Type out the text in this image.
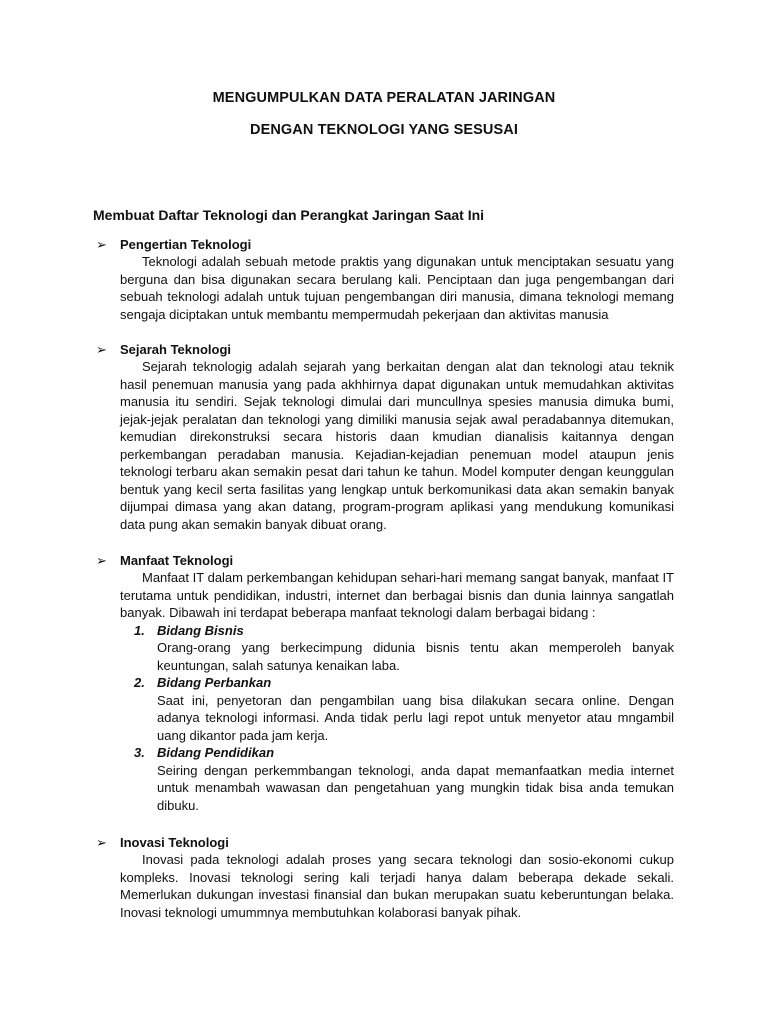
MENGUMPULKAN DATA PERALATAN JARINGAN
DENGAN TEKNOLOGI YANG SESUSAI
Membuat Daftar Teknologi dan Perangkat Jaringan Saat Ini
➢ Pengertian Teknologi
Teknologi adalah sebuah metode praktis yang digunakan untuk menciptakan sesuatu yang berguna dan bisa digunakan secara berulang kali. Penciptaan dan juga pengembangan dari sebuah teknologi adalah untuk tujuan pengembangan diri manusia, dimana teknologi memang sengaja diciptakan untuk membantu mempermudah pekerjaan dan aktivitas manusia
➢ Sejarah Teknologi
Sejarah teknologig adalah sejarah yang berkaitan dengan alat dan teknologi atau teknik hasil penemuan manusia yang pada akhhirnya dapat digunakan untuk memudahkan aktivitas manusia itu sendiri. Sejak teknologi dimulai dari muncullnya spesies manusia dimuka bumi, jejak-jejak peralatan dan teknologi yang dimiliki manusia sejak awal peradabannya ditemukan, kemudian direkonstruksi secara historis daan kmudian dianalisis kaitannya dengan perkembangan peradaban manusia. Kejadian-kejadian penemuan model ataupun jenis teknologi terbaru akan semakin pesat dari tahun ke tahun. Model komputer dengan keunggulan bentuk yang kecil serta fasilitas yang lengkap untuk berkomunikasi data akan semakin banyak dijumpai dimasa yang akan datang, program-program aplikasi yang mendukung komunikasi data pung akan semakin banyak dibuat orang.
➢ Manfaat Teknologi
Manfaat IT dalam perkembangan kehidupan sehari-hari memang sangat banyak, manfaat IT terutama untuk pendidikan, industri, internet dan berbagai bisnis dan dunia lainnya sangatlah banyak. Dibawah ini terdapat beberapa manfaat teknologi dalam berbagai bidang :
1. Bidang Bisnis
Orang-orang yang berkecimpung didunia bisnis tentu akan memperoleh banyak keuntungan, salah satunya kenaikan laba.
2. Bidang Perbankan
Saat ini, penyetoran dan pengambilan uang bisa dilakukan secara online. Dengan adanya teknologi informasi. Anda tidak perlu lagi repot untuk menyetor atau mngambil uang dikantor pada jam kerja.
3. Bidang Pendidikan
Seiring dengan perkemmbangan teknologi, anda dapat memanfaatkan media internet untuk menambah wawasan dan pengetahuan yang mungkin tidak bisa anda temukan dibuku.
➢ Inovasi Teknologi
Inovasi pada teknologi adalah proses yang secara teknologi dan sosio-ekonomi cukup kompleks. Inovasi teknologi sering kali terjadi hanya dalam beberapa dekade sekali. Memerlukan dukungan investasi finansial dan bukan merupakan suatu keberuntungan belaka. Inovasi teknologi umummnya membutuhkan kolaborasi banyak pihak.
